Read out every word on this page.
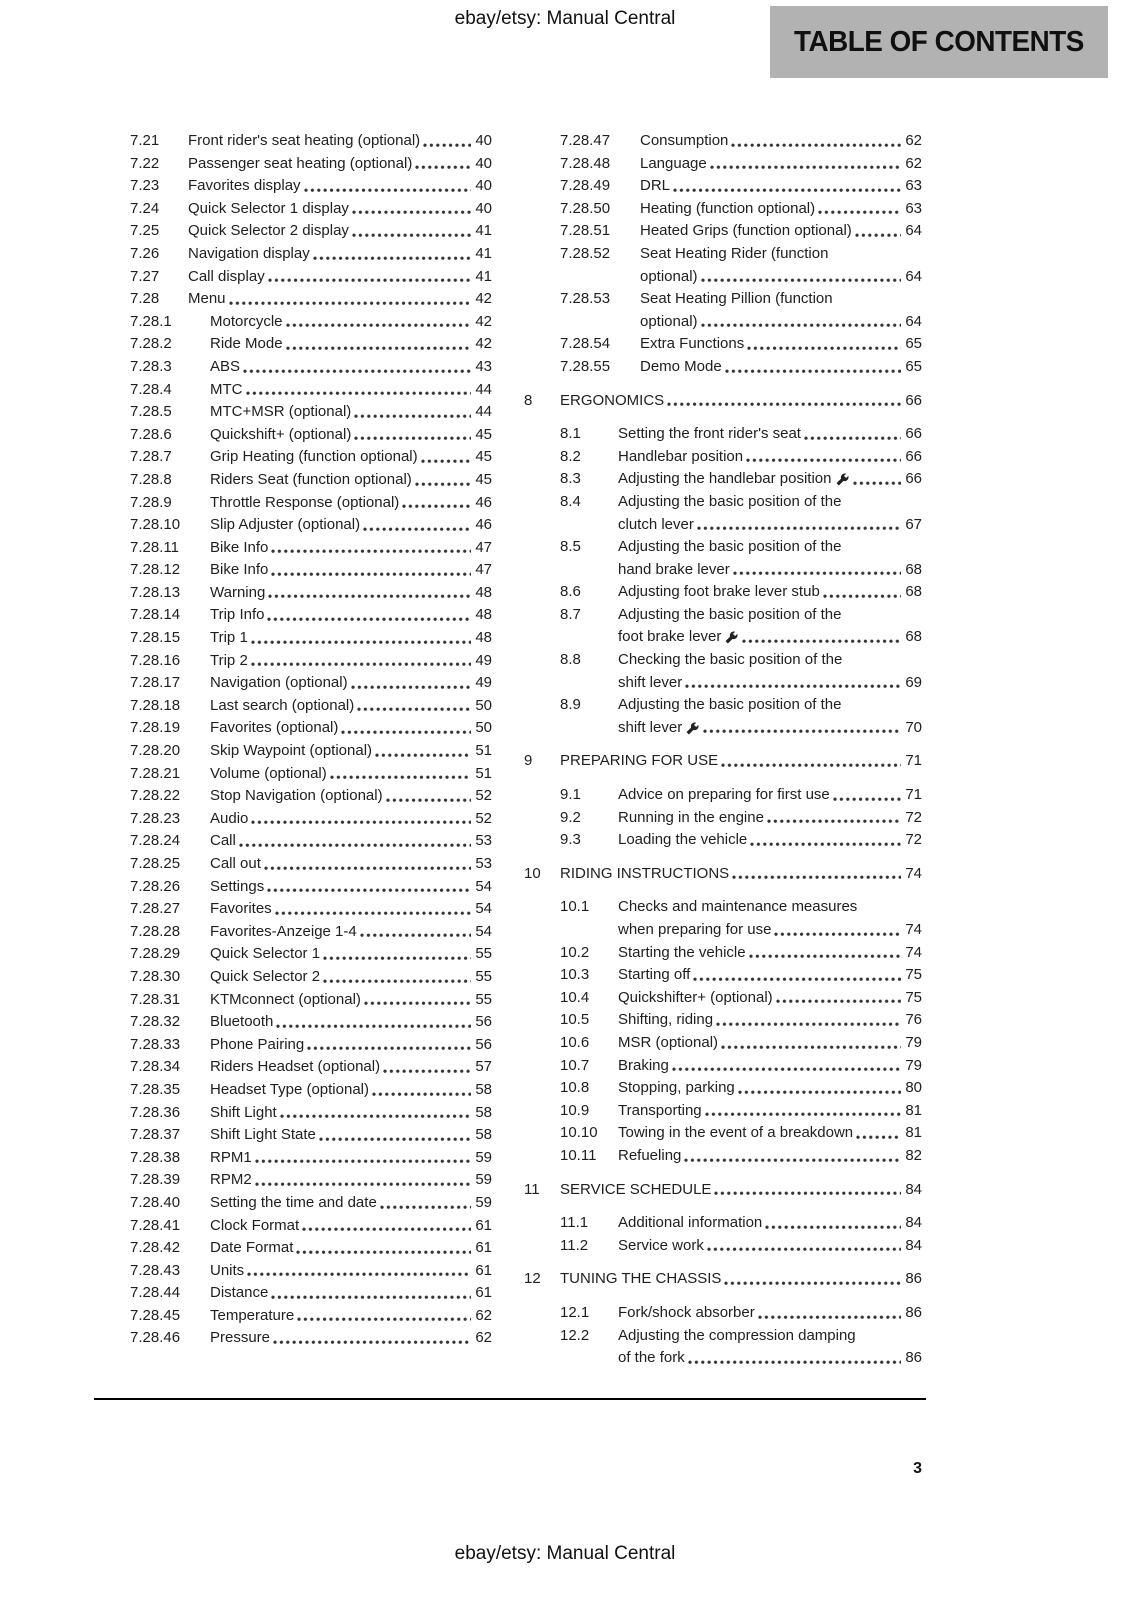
ebay/etsy: Manual Central
TABLE OF CONTENTS
7.21	Front rider's seat heating (optional)	40
7.22	Passenger seat heating (optional)	40
7.23	Favorites display	40
7.24	Quick Selector 1 display	40
7.25	Quick Selector 2 display	41
7.26	Navigation display	41
7.27	Call display	41
7.28	Menu	42
7.28.1	Motorcycle	42
7.28.2	Ride Mode	42
7.28.3	ABS	43
7.28.4	MTC	44
7.28.5	MTC+MSR (optional)	44
7.28.6	Quickshift+ (optional)	45
7.28.7	Grip Heating (function optional)	45
7.28.8	Riders Seat (function optional)	45
7.28.9	Throttle Response (optional)	46
7.28.10	Slip Adjuster (optional)	46
7.28.11	Bike Info	47
7.28.12	Bike Info	47
7.28.13	Warning	48
7.28.14	Trip Info	48
7.28.15	Trip 1	48
7.28.16	Trip 2	49
7.28.17	Navigation (optional)	49
7.28.18	Last search (optional)	50
7.28.19	Favorites (optional)	50
7.28.20	Skip Waypoint (optional)	51
7.28.21	Volume (optional)	51
7.28.22	Stop Navigation (optional)	52
7.28.23	Audio	52
7.28.24	Call	53
7.28.25	Call out	53
7.28.26	Settings	54
7.28.27	Favorites	54
7.28.28	Favorites-Anzeige 1-4	54
7.28.29	Quick Selector 1	55
7.28.30	Quick Selector 2	55
7.28.31	KTMconnect (optional)	55
7.28.32	Bluetooth	56
7.28.33	Phone Pairing	56
7.28.34	Riders Headset (optional)	57
7.28.35	Headset Type (optional)	58
7.28.36	Shift Light	58
7.28.37	Shift Light State	58
7.28.38	RPM1	59
7.28.39	RPM2	59
7.28.40	Setting the time and date	59
7.28.41	Clock Format	61
7.28.42	Date Format	61
7.28.43	Units	61
7.28.44	Distance	61
7.28.45	Temperature	62
7.28.46	Pressure	62
7.28.47	Consumption	62
7.28.48	Language	62
7.28.49	DRL	63
7.28.50	Heating (function optional)	63
7.28.51	Heated Grips (function optional)	64
7.28.52	Seat Heating Rider (function
optional)	64
7.28.53	Seat Heating Pillion (function
optional)	64
7.28.54	Extra Functions	65
7.28.55	Demo Mode	65
8	ERGONOMICS	66
8.1	Setting the front rider's seat	66
8.2	Handlebar position	66
8.3	Adjusting the handlebar position	66
8.4	Adjusting the basic position of the
clutch lever	67
8.5	Adjusting the basic position of the
hand brake lever	68
8.6	Adjusting foot brake lever stub	68
8.7	Adjusting the basic position of the
foot brake lever	68
8.8	Checking the basic position of the
shift lever	69
8.9	Adjusting the basic position of the
shift lever	70
9	PREPARING FOR USE	71
9.1	Advice on preparing for first use	71
9.2	Running in the engine	72
9.3	Loading the vehicle	72
10	RIDING INSTRUCTIONS	74
10.1	Checks and maintenance measures
when preparing for use	74
10.2	Starting the vehicle	74
10.3	Starting off	75
10.4	Quickshifter+ (optional)	75
10.5	Shifting, riding	76
10.6	MSR (optional)	79
10.7	Braking	79
10.8	Stopping, parking	80
10.9	Transporting	81
10.10	Towing in the event of a breakdown	81
10.11	Refueling	82
11	SERVICE SCHEDULE	84
11.1	Additional information	84
11.2	Service work	84
12	TUNING THE CHASSIS	86
12.1	Fork/shock absorber	86
12.2	Adjusting the compression damping
of the fork	86
3
ebay/etsy: Manual Central
